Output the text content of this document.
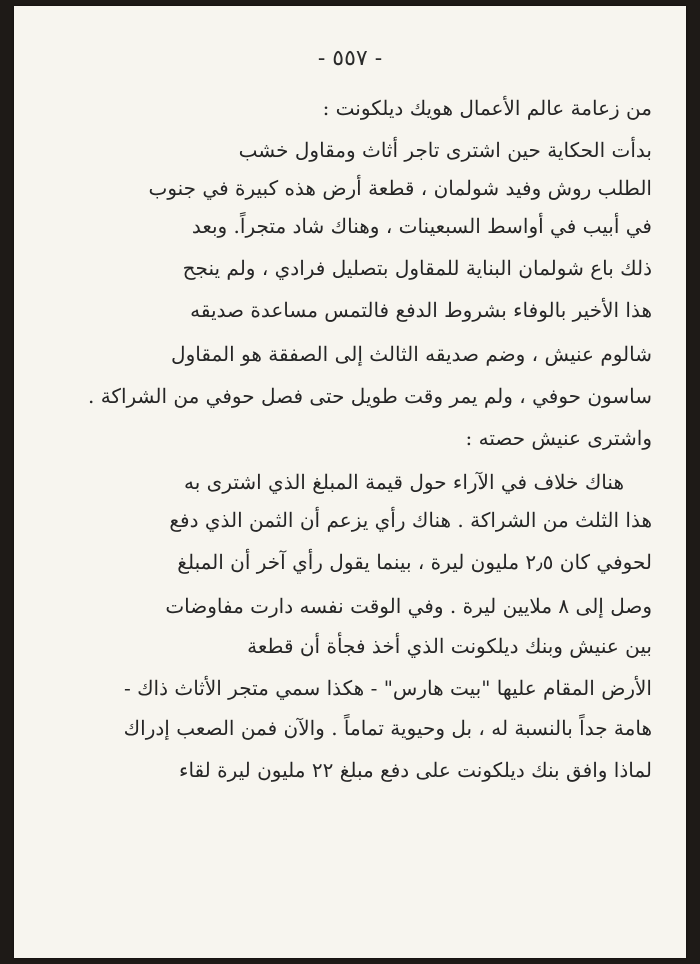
- ٥٥٧ -
من زعامة عالم الأعمال هويك ديلكونت :
بدأت الحكاية حين اشترى تاجر أثاث ومقاول خشب
الطلب روش وفيد شولمان ، قطعة أرض هذه كبيرة في جنوب
في أبيب في أواسط السبعينات ، وهناك شاد متجراً. وبعد
ذلك باع شولمان البناية للمقاول بتصليل فرادي ، ولم ينجح
هذا الأخير بالوفاء بشروط الدفع فالتمس مساعدة صديقه
شالوم عنيش ، وضم صديقه الثالث إلى الصفقة هو المقاول
ساسون حوفي ، ولم يمر وقت طويل حتى فصل حوفي من الشراكة .
واشترى عنيش حصته :
هناك خلاف في الآراء حول قيمة المبلغ الذي اشترى به
هذا الثلث من الشراكة . هناك رأي يزعم أن الثمن الذي دفع
لحوفي كان ٢٫٥ مليون ليرة ، بينما يقول رأي آخر أن المبلغ
وصل إلى ٨ ملايين ليرة . وفي الوقت نفسه دارت مفاوضات
بين عنيش وبنك ديلكونت الذي أخذ فجأة أن قطعة
الأرض المقام عليها "بيت هارس" - هكذا سمي متجر الأثاث ذاك -
هامة جداً بالنسبة له ، بل وحيوية تماماً . والآن فمن الصعب إدراك
لماذا وافق بنك ديلكونت على دفع مبلغ ٢٢ مليون ليرة لقاء
